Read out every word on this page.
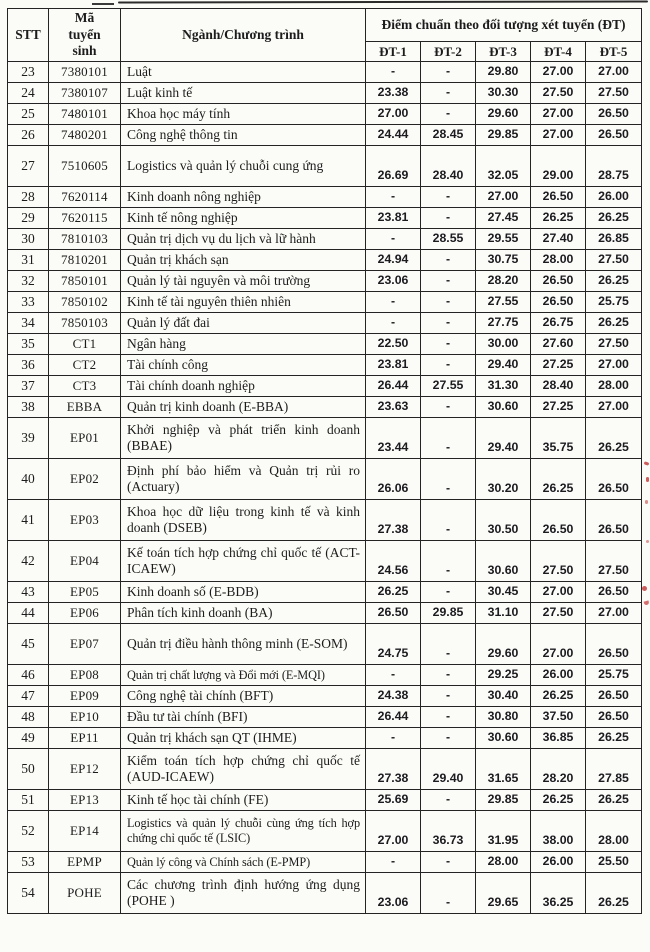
STT	Mã tuyển sinh	Ngành/Chương trình	Điểm chuẩn theo đối tượng xét tuyển (ĐT)				
			ĐT-1	ĐT-2	ĐT-3	ĐT-4	ĐT-5
23	7380101	Luật	-	-	29.80	27.00	27.00
24	7380107	Luật kinh tế	23.38	-	30.30	27.50	27.50
25	7480101	Khoa học máy tính	27.00	-	29.60	27.00	26.50
26	7480201	Công nghệ thông tin	24.44	28.45	29.85	27.00	26.50
27	7510605	Logistics và quản lý chuỗi cung ứng	26.69	28.40	32.05	29.00	28.75
28	7620114	Kinh doanh nông nghiệp	-	-	27.00	26.50	26.00
29	7620115	Kinh tế nông nghiệp	23.81	-	27.45	26.25	26.25
30	7810103	Quản trị dịch vụ du lịch và lữ hành	-	28.55	29.55	27.40	26.85
31	7810201	Quản trị khách sạn	24.94	-	30.75	28.00	27.50
32	7850101	Quản lý tài nguyên và môi trường	23.06	-	28.20	26.50	26.25
33	7850102	Kinh tế tài nguyên thiên nhiên	-	-	27.55	26.50	25.75
34	7850103	Quản lý đất đai	-	-	27.75	26.75	26.25
35	CT1	Ngân hàng	22.50	-	30.00	27.60	27.50
36	CT2	Tài chính công	23.81	-	29.40	27.25	27.00
37	CT3	Tài chính doanh nghiệp	26.44	27.55	31.30	28.40	28.00
38	EBBA	Quản trị kinh doanh (E-BBA)	23.63	-	30.60	27.25	27.00
39	EP01	Khởi nghiệp và phát triển kinh doanh (BBAE)	23.44	-	29.40	35.75	26.25
40	EP02	Định phí bảo hiểm và Quản trị rủi ro (Actuary)	26.06	-	30.20	26.25	26.50
41	EP03	Khoa học dữ liệu trong kinh tế và kinh doanh (DSEB)	27.38	-	30.50	26.50	26.50
42	EP04	Kế toán tích hợp chứng chỉ quốc tế (ACT-ICAEW)	24.56	-	30.60	27.50	27.50
43	EP05	Kinh doanh số (E-BDB)	26.25	-	30.45	27.00	26.50
44	EP06	Phân tích kinh doanh (BA)	26.50	29.85	31.10	27.50	27.00
45	EP07	Quản trị điều hành thông minh (E-SOM)	24.75	-	29.60	27.00	26.50
46	EP08	Quản trị chất lượng và Đổi mới (E-MQI)	-	-	29.25	26.00	25.75
47	EP09	Công nghệ tài chính (BFT)	24.38	-	30.40	26.25	26.50
48	EP10	Đầu tư tài chính (BFI)	26.44	-	30.80	37.50	26.50
49	EP11	Quản trị khách sạn QT (IHME)	-	-	30.60	36.85	26.25
50	EP12	Kiểm toán tích hợp chứng chỉ quốc tế (AUD-ICAEW)	27.38	29.40	31.65	28.20	27.85
51	EP13	Kinh tế học tài chính (FE)	25.69	-	29.85	26.25	26.25
52	EP14	Logistics và quản lý chuỗi cùng ứng tích hợp chứng chỉ quốc tế (LSIC)	27.00	36.73	31.95	38.00	28.00
53	EPMP	Quản lý công và Chính sách (E-PMP)	-	-	28.00	26.00	25.50
54	POHE	Các chương trình định hướng ứng dụng (POHE )	23.06	-	29.65	36.25	26.25
